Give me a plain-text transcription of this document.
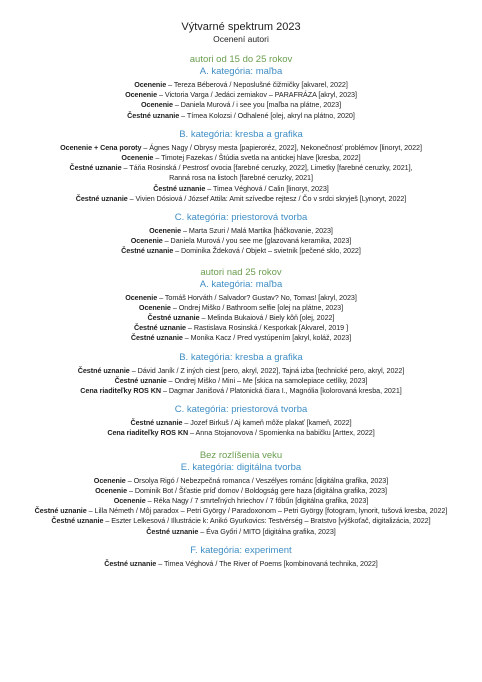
Výtvarné spektrum 2023
Ocenení autori
autori od 15 do 25 rokov
A. kategória: maľba
Ocenenie – Tereza Béberová / Neposlušné čižmičky [akvarel, 2022]
Ocenenie – Victoria Varga / Jedáci zemiakov – PARAFRÁZA [akryl, 2023]
Ocenenie – Daniela Murová / i see you [maľba na plátne, 2023]
Čestné uznanie – Tímea Kolozsi / Odhalené [olej, akryl na plátno, 2020]
B. kategória: kresba a grafika
Ocenenie + Cena poroty – Ágnes Nagy / Obrysy mesta [papieroréz, 2022], Nekonečnosť problémov [linoryt, 2022]
Ocenenie – Timotej Fazekas / Štúdia svetla na antickej hlave [kresba, 2022]
Čestné uznanie – Táňa Rosinská / Pestrosť ovocia [farebné ceruzky, 2022], Limetky [farebné ceruzky, 2021],
Ranná rosa na listoch [farebné ceruzky, 2021]
Čestné uznanie – Timea Véghová / Calin [linoryt, 2023]
Čestné uznanie – Vivien Dósiová / József Attila: Amit szívedbe rejtesz / Čo v srdci skryješ [Lynoryt, 2022]
C. kategória: priestorová tvorba
Ocenenie – Marta Szuri / Malá Martika [háčkovanie, 2023]
Ocenenie – Daniela Murová / you see me [glazovaná keramika, 2023]
Čestné uznanie – Dominika Ždeková / Objekt – svietnik [pečené sklo, 2022]
autori nad 25 rokov
A. kategória: maľba
Ocenenie – Tomáš Horváth / Salvador? Gustav? No, Tomas! [akryl, 2023]
Ocenenie – Ondrej Miško / Bathroom selfie [olej na plátne, 2023]
Čestné uznanie – Melinda Bukaiová / Biely kôň [olej, 2022]
Čestné uznanie – Rastislava Rosinská / Kesporkak [Akvarel, 2019 ]
Čestné uznanie – Monika Kacz / Pred vystúpením [akryl, koláž, 2023]
B. kategória: kresba a grafika
Čestné uznanie – Dávid Janík / Z iných ciest [pero, akryl, 2022], Tajná izba [technické pero, akryl, 2022]
Čestné uznanie – Ondrej Miško / Mini – Me [skica na samolepiace cetlíky, 2023]
Cena riaditeľky ROS KN – Dagmar Janišová / Platonická čiara I., Magnólia [kolorovaná kresba, 2021]
C. kategória: priestorová tvorba
Čestné uznanie – Jozef Birkuš / Aj kameň môže plakať [kameň, 2022]
Cena riaditeľky ROS KN – Anna Stojanovova / Spomienka na babičku [Arttex, 2022]
Bez rozlíšenia veku
E. kategória: digitálna tvorba
Ocenenie – Orsolya Rigó / Nebezpečná romanca / Veszélyes románc [digitálna grafika, 2023]
Ocenenie – Dominik Bot / Šťastie príď domov / Boldogság gere haza [digitálna grafika, 2023]
Ocenenie – Réka Nagy / 7 smrteľných hriechov / 7 főbűn [digitálna grafika, 2023]
Čestné uznanie – Lilla Németh / Môj paradox – Petri György / Paradoxonom – Petri György [fotogram, lynorit, tušová kresba, 2022]
Čestné uznanie – Eszter Lelkesová / Illustrácie k: Anikó Gyurkovics: Testvérség – Bratstvo [výškoťač, digitalizácia, 2022]
Čestné uznanie – Éva Győri / MITO [digitálna grafika, 2023]
F. kategória: experiment
Čestné uznanie – Timea Véghová / The River of Poems [kombinovaná technika, 2022]
